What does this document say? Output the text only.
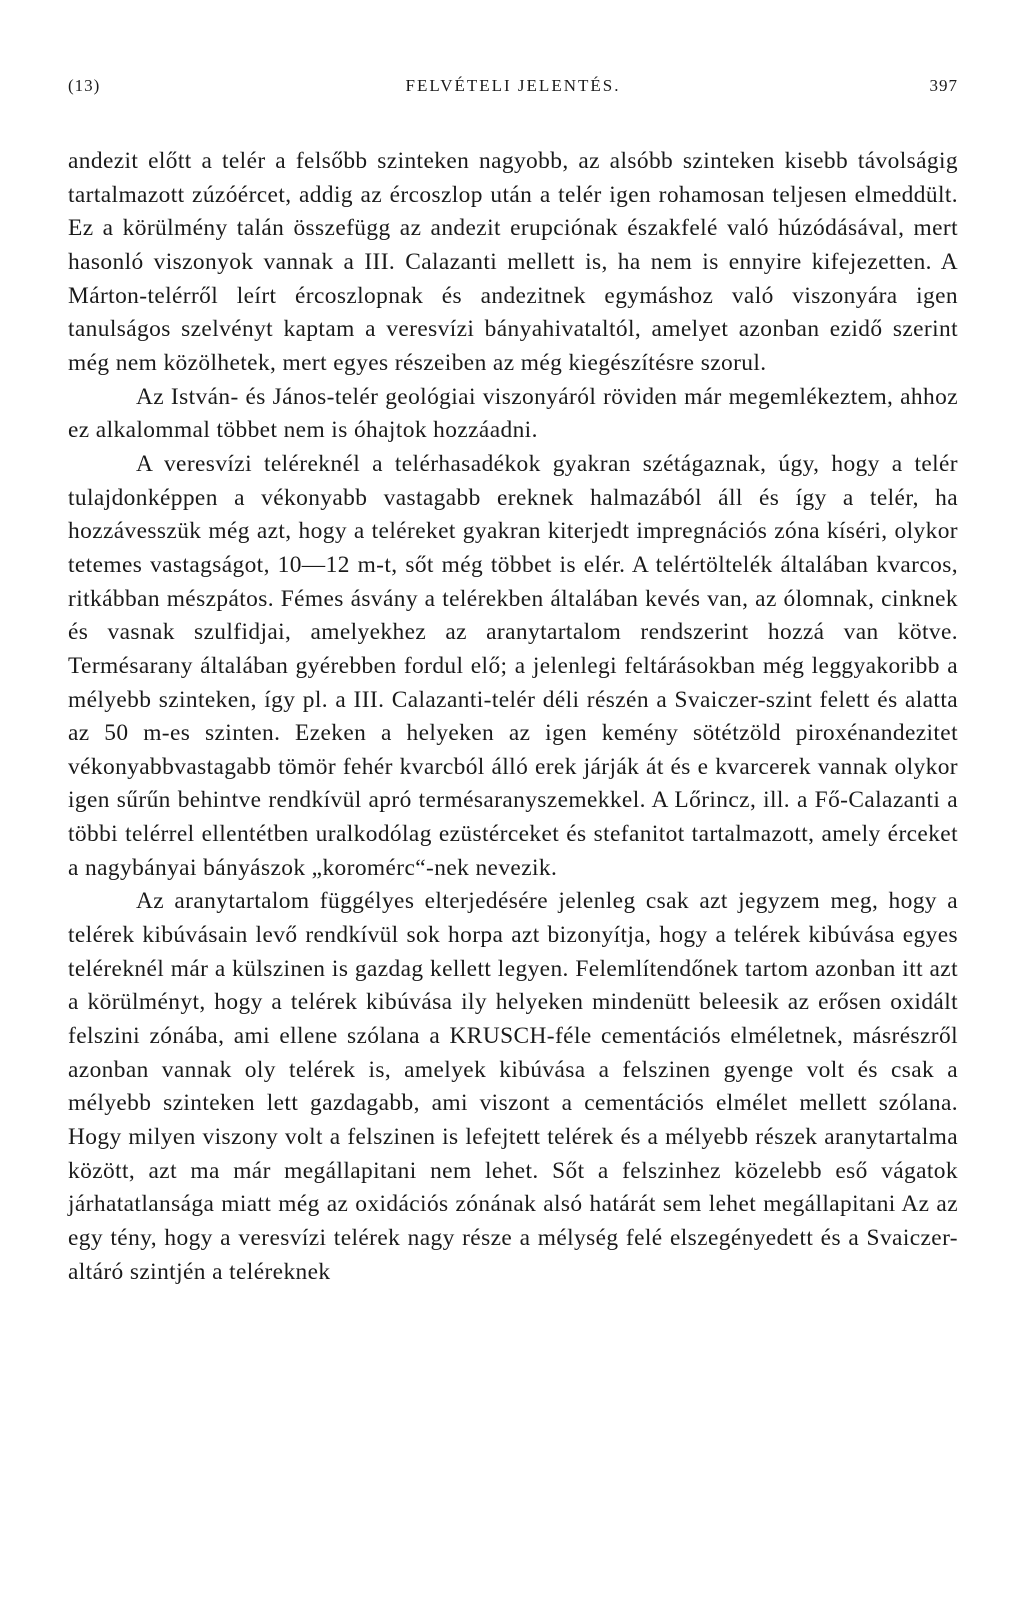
(13)	FELVÉTELI JELENTÉS.	397

andezit előtt a telér a felsőbb szinteken nagyobb, az alsóbb szinteken kisebb távolságig tartalmazott zúzóércet, addig az ércoszlop után a telér igen rohamosan teljesen elmeddült. Ez a körülmény talán összefügg az andezit erupciónak északfelé való húzódásával, mert hasonló viszonyok vannak a III. Calazanti mellett is, ha nem is ennyire kifejezetten. A Márton-telérről leírt ércoszlopnak és andezitnek egymáshoz való viszonyára igen tanulságos szelvényt kaptam a veresvízi bányahivataltól, amelyet azonban ezidő szerint még nem közölhetek, mert egyes részeiben az még kiegészítésre szorul.

Az István- és János-telér geológiai viszonyáról röviden már megemlékeztem, ahhoz ez alkalommal többet nem is óhajtok hozzáadni.

A veresvízi teléreknél a telérhasadékok gyakran szétágaznak, úgy, hogy a telér tulajdonképpen a vékonyabb vastagabb ereknek halmazából áll és így a telér, ha hozzávesszük még azt, hogy a teléreket gyakran kiterjedt impregnációs zóna kíséri, olykor tetemes vastagságot, 10—12 m-t, sőt még többet is elér. A telértöltelék általában kvarcos, ritkábban mészpátos. Fémes ásvány a telérekben általában kevés van, az ólomnak, cinknek és vasnak szulfidjai, amelyekhez az aranytartalom rendszerint hozzá van kötve. Termésarany általában gyérebben fordul elő; a jelenlegi feltárásokban még leggyakoribb a mélyebb szinteken, így pl. a III. Calazanti-telér déli részén a Svaiczer-szint felett és alatta az 50 m-es szinten. Ezeken a helyeken az igen kemény sötétzöld piroxénandezitet vékonyabbvastagabb tömör fehér kvarcból álló erek járják át és e kvarcerek vannak olykor igen sűrűn behintve rendkívül apró termésaranyszemekkel. A Lőrincz, ill. a Fő-Calazanti a többi telérrel ellentétben uralkodólag ezüstérceket és stefanitot tartalmazott, amely érceket a nagybányai bányászok „koromérc“-nek nevezik.

Az aranytartalom függélyes elterjedésére jelenleg csak azt jegyzem meg, hogy a telérek kibúvásain levő rendkívül sok horpa azt bizonyítja, hogy a telérek kibúvása egyes teléreknél már a külszinen is gazdag kellett legyen. Felemlítendőnek tartom azonban itt azt a körülményt, hogy a telérek kibúvása ily helyeken mindenütt beleesik az erősen oxidált felszini zónába, ami ellene szólana a KRUSCH-féle cementációs elméletnek, másrészről azonban vannak oly telérek is, amelyek kibúvása a felszinen gyenge volt és csak a mélyebb szinteken lett gazdagabb, ami viszont a cementációs elmélet mellett szólana. Hogy milyen viszony volt a felszinen is lefejtett telérek és a mélyebb részek aranytartalma között, azt ma már megállapitani nem lehet. Sőt a felszinhez közelebb eső vágatok járhatatlansága miatt még az oxidációs zónának alsó határát sem lehet megállapitani Az az egy tény, hogy a veresvízi telérek nagy része a mélység felé elszegényedett és a Svaiczer-altáró szintjén a teléreknek
